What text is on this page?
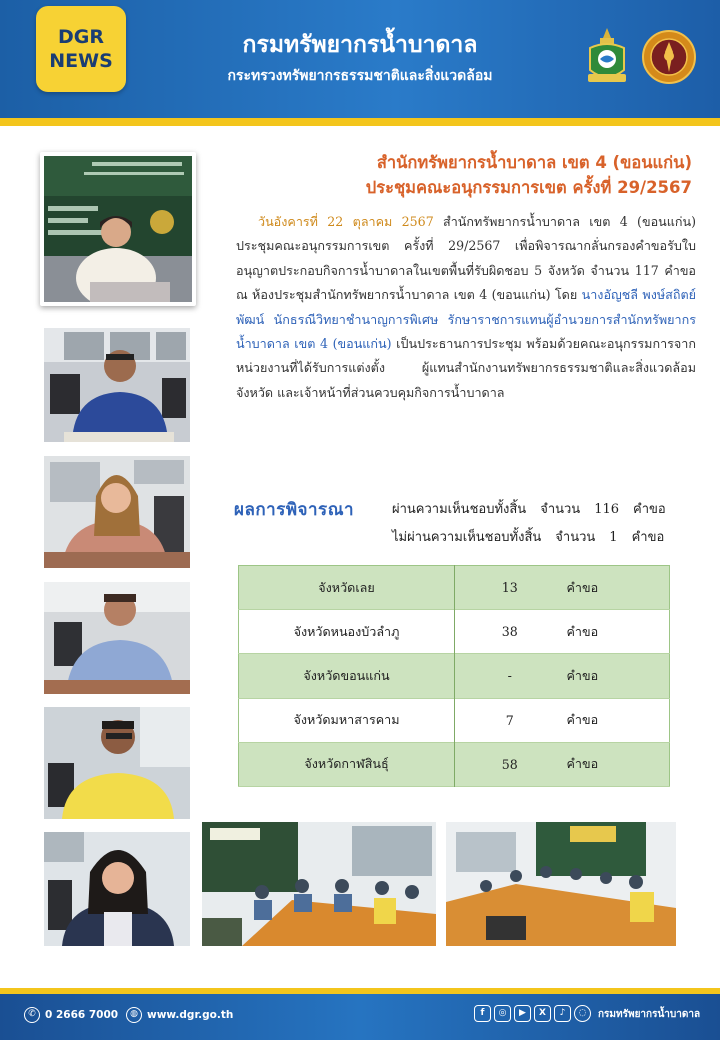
DGR
NEWS
กรมทรัพยากรน้ำบาดาล
กระทรวงทรัพยากรธรรมชาติและสิ่งแวดล้อม
สำนักทรัพยากรน้ำบาดาล เขต 4 (ขอนแก่น)
ประชุมคณะอนุกรรมการเขต ครั้งที่ 29/2567
วันอังคารที่ 22 ตุลาคม 2567 สำนักทรัพยากรน้ำบาดาล เขต 4 (ขอนแก่น) ประชุมคณะอนุกรรมการเขต ครั้งที่ 29/2567 เพื่อพิจารณากลั่นกรองคำขอรับใบอนุญาตประกอบกิจการน้ำบาดาลในเขตพื้นที่รับผิดชอบ 5 จังหวัด จำนวน 117 คำขอ ณ ห้องประชุมสำนักทรัพยากรน้ำบาดาล เขต 4 (ขอนแก่น) โดย นางอัญชลี พงษ์สถิตย์พัฒน์ นักธรณีวิทยาชำนาญการพิเศษ รักษาราชการแทนผู้อำนวยการสำนักทรัพยากรน้ำบาดาล เขต 4 (ขอนแก่น) เป็นประธานการประชุม พร้อมด้วยคณะอนุกรรมการจากหน่วยงานที่ได้รับการแต่งตั้ง ผู้แทนสำนักงานทรัพยากรธรรมชาติและสิ่งแวดล้อมจังหวัด และเจ้าหน้าที่ส่วนควบคุมกิจการน้ำบาดาล
ผลการพิจารณา	ผ่านความเห็นชอบทั้งสิ้น จำนวน 116 คำขอ
ไม่ผ่านความเห็นชอบทั้งสิ้น จำนวน 1 คำขอ
จังหวัดเลย	13	คำขอ
จังหวัดหนองบัวลำภู	38	คำขอ
จังหวัดขอนแก่น	-	คำขอ
จังหวัดมหาสารคาม	7	คำขอ
จังหวัดกาฬสินธุ์	58	คำขอ
✆ 0 2666 7000	◍ www.dgr.go.th	f	◎	▶	X	♪	◌	กรมทรัพยากรน้ำบาดาล
